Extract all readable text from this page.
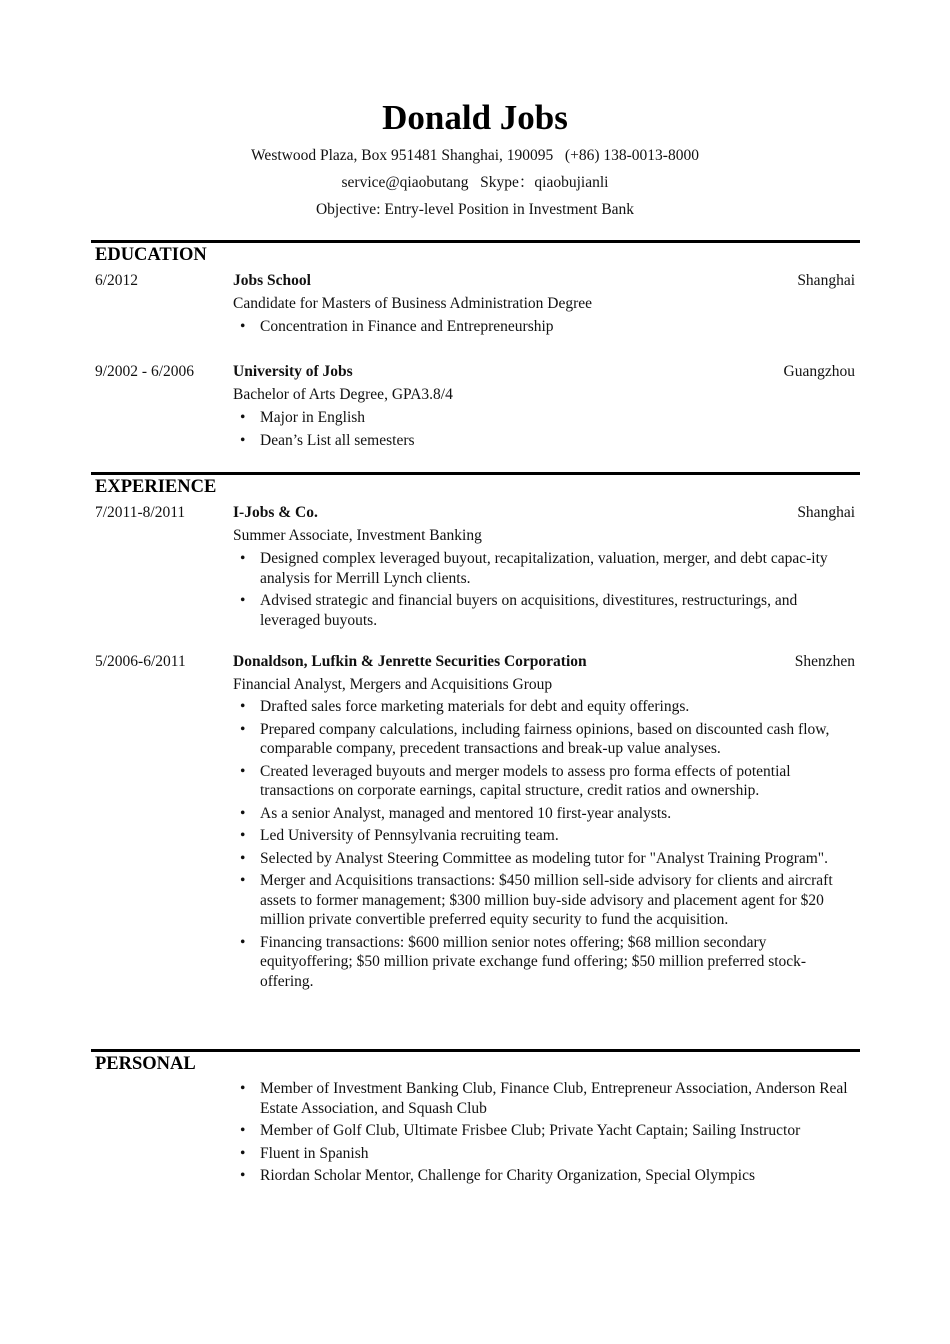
Donald Jobs
Westwood Plaza, Box 951481 Shanghai, 190095   (+86) 138-0013-8000
service@qiaobutang   Skype：qiaobujianli
Objective: Entry-level Position in Investment Bank
EDUCATION
6/2012	Jobs School	Shanghai
Candidate for Masters of Business Administration Degree
• Concentration in Finance and Entrepreneurship
9/2002 - 6/2006	University of Jobs	Guangzhou
Bachelor of Arts Degree, GPA3.8/4
• Major in English
• Dean’s List all semesters
EXPERIENCE
7/2011-8/2011	I-Jobs & Co.	Shanghai
Summer Associate, Investment Banking
• Designed complex leveraged buyout, recapitalization, valuation, merger, and debt capac-ity analysis for Merrill Lynch clients.
• Advised strategic and financial buyers on acquisitions, divestitures, restructurings, and leveraged buyouts.
5/2006-6/2011	Donaldson, Lufkin & Jenrette Securities Corporation	Shenzhen
Financial Analyst, Mergers and Acquisitions Group
• Drafted sales force marketing materials for debt and equity offerings.
• Prepared company calculations, including fairness opinions, based on discounted cash flow, comparable company, precedent transactions and break-up value analyses.
• Created leveraged buyouts and merger models to assess pro forma effects of potential transactions on corporate earnings, capital structure, credit ratios and ownership.
• As a senior Analyst, managed and mentored 10 first-year analysts.
• Led University of Pennsylvania recruiting team.
• Selected by Analyst Steering Committee as modeling tutor for "Analyst Training Program".
• Merger and Acquisitions transactions: $450 million sell-side advisory for clients and aircraft assets to former management; $300 million buy-side advisory and placement agent for $20 million private convertible preferred equity security to fund the acquisition.
• Financing transactions: $600 million senior notes offering; $68 million secondary equityoffering; $50 million private exchange fund offering; $50 million preferred stock-offering.
PERSONAL
• Member of Investment Banking Club, Finance Club, Entrepreneur Association, Anderson Real Estate Association, and Squash Club
• Member of Golf Club, Ultimate Frisbee Club; Private Yacht Captain; Sailing Instructor
• Fluent in Spanish
• Riordan Scholar Mentor, Challenge for Charity Organization, Special Olympics
